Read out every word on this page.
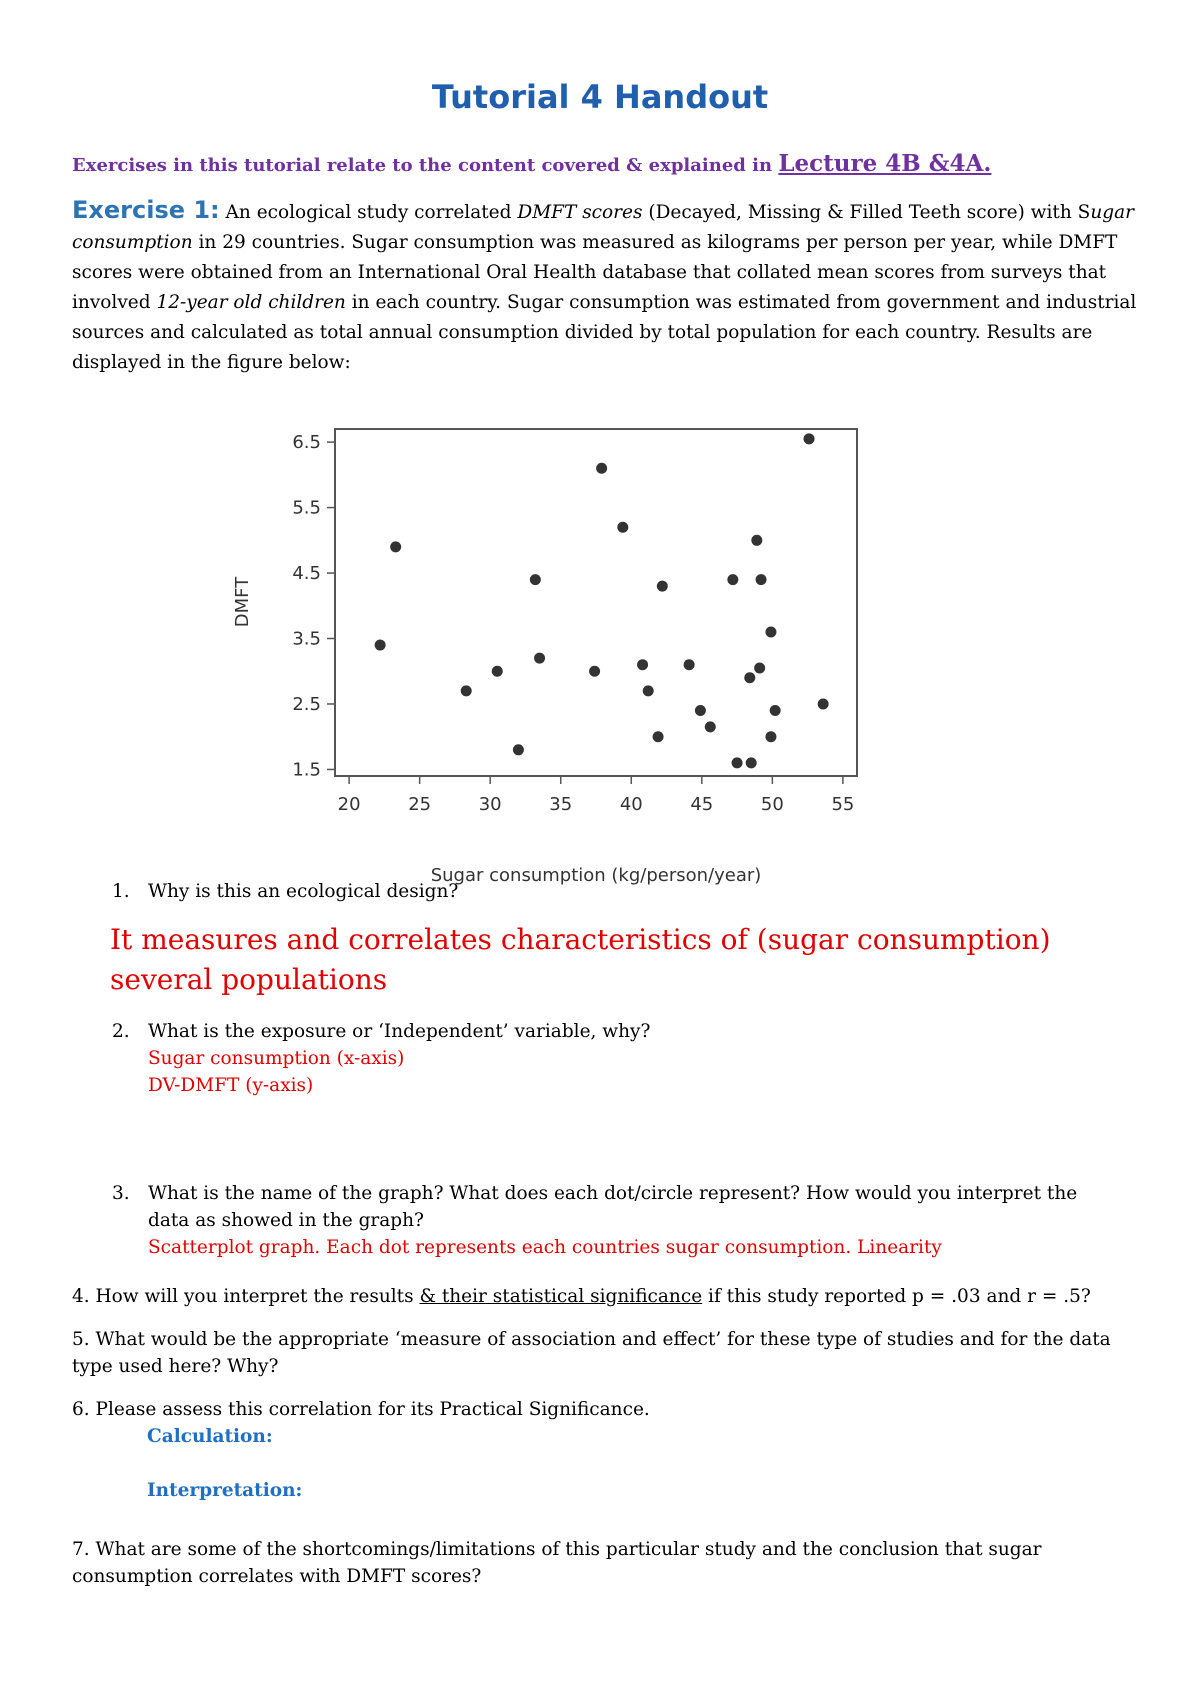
Tutorial 4 Handout
Exercises in this tutorial relate to the content covered & explained in Lecture 4B &4A.
Exercise 1: An ecological study correlated DMFT scores (Decayed, Missing & Filled Teeth score) with Sugar consumption in 29 countries. Sugar consumption was measured as kilograms per person per year, while DMFT scores were obtained from an International Oral Health database that collated mean scores from surveys that involved 12-year old children in each country. Sugar consumption was estimated from government and industrial sources and calculated as total annual consumption divided by total population for each country. Results are displayed in the figure below:
20	25	30	35	40	45	50	55
6.5
5.5
4.5
3.5
2.5
1.5
Sugar consumption (kg/person/year)
DMFT
1. Why is this an ecological design?
It measures and correlates characteristics of (sugar consumption) several populations
2. What is the exposure or ‘Independent’ variable, why?
Sugar consumption (x-axis)
DV-DMFT (y-axis)
3. What is the name of the graph? What does each dot/circle represent? How would you interpret the data as showed in the graph?
Scatterplot graph. Each dot represents each countries sugar consumption. Linearity
4. How will you interpret the results & their statistical significance if this study reported p = .03 and r = .5?
5. What would be the appropriate ‘measure of association and effect’ for these type of studies and for the data type used here? Why?
6. Please assess this correlation for its Practical Significance.
Calculation:
Interpretation:
7. What are some of the shortcomings/limitations of this particular study and the conclusion that sugar consumption correlates with DMFT scores?
